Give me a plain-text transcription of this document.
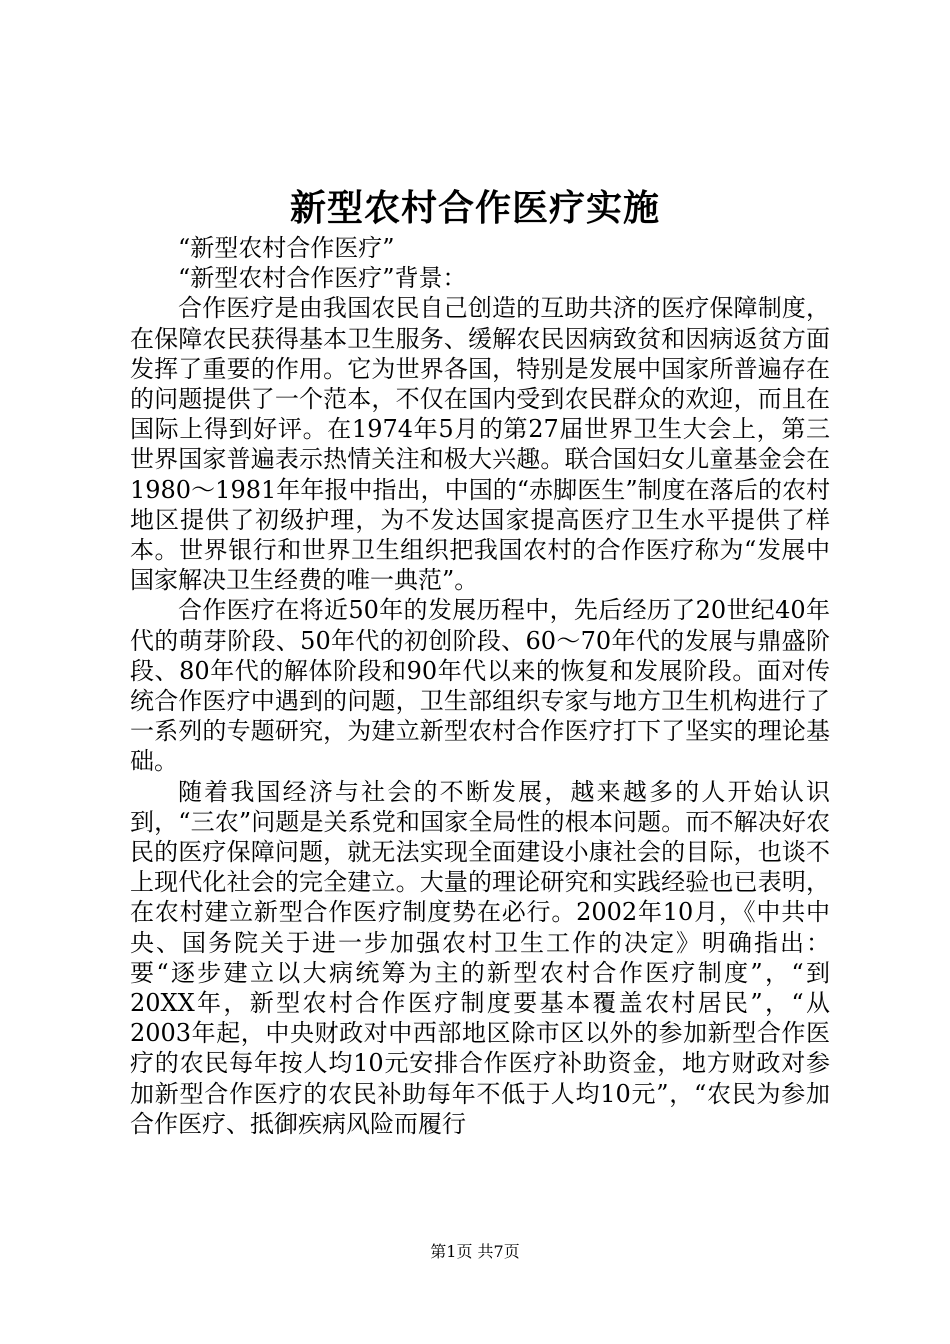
新型农村合作医疗实施

“新型农村合作医疗”

“新型农村合作医疗”背景：

合作医疗是由我国农民自己创造的互助共济的医疗保障制度，在保障农民获得基本卫生服务、缓解农民因病致贫和因病返贫方面发挥了重要的作用。它为世界各国，特别是发展中国家所普遍存在的问题提供了一个范本，不仅在国内受到农民群众的欢迎，而且在国际上得到好评。在1974年5月的第27届世界卫生大会上，第三世界国家普遍表示热情关注和极大兴趣。联合国妇女儿童基金会在1980～1981年年报中指出，中国的“赤脚医生”制度在落后的农村地区提供了初级护理，为不发达国家提高医疗卫生水平提供了样本。世界银行和世界卫生组织把我国农村的合作医疗称为“发展中国家解决卫生经费的唯一典范”。

合作医疗在将近50年的发展历程中，先后经历了20世纪40年代的萌芽阶段、50年代的初创阶段、60～70年代的发展与鼎盛阶段、80年代的解体阶段和90年代以来的恢复和发展阶段。面对传统合作医疗中遇到的问题，卫生部组织专家与地方卫生机构进行了一系列的专题研究，为建立新型农村合作医疗打下了坚实的理论基础。

随着我国经济与社会的不断发展，越来越多的人开始认识到，“三农”问题是关系党和国家全局性的根本问题。而不解决好农民的医疗保障问题，就无法实现全面建设小康社会的目际，也谈不上现代化社会的完全建立。大量的理论研究和实践经验也已表明，在农村建立新型合作医疗制度势在必行。2002年10月，《中共中央、国务院关于进一步加强农村卫生工作的决定》明确指出：要“逐步建立以大病统筹为主的新型农村合作医疗制度”，“到20XX年，新型农村合作医疗制度要基本覆盖农村居民”，“从2003年起，中央财政对中西部地区除市区以外的参加新型合作医疗的农民每年按人均10元安排合作医疗补助资金，地方财政对参加新型合作医疗的农民补助每年不低于人均10元”，“农民为参加合作医疗、抵御疾病风险而履行

第1页 共7页
